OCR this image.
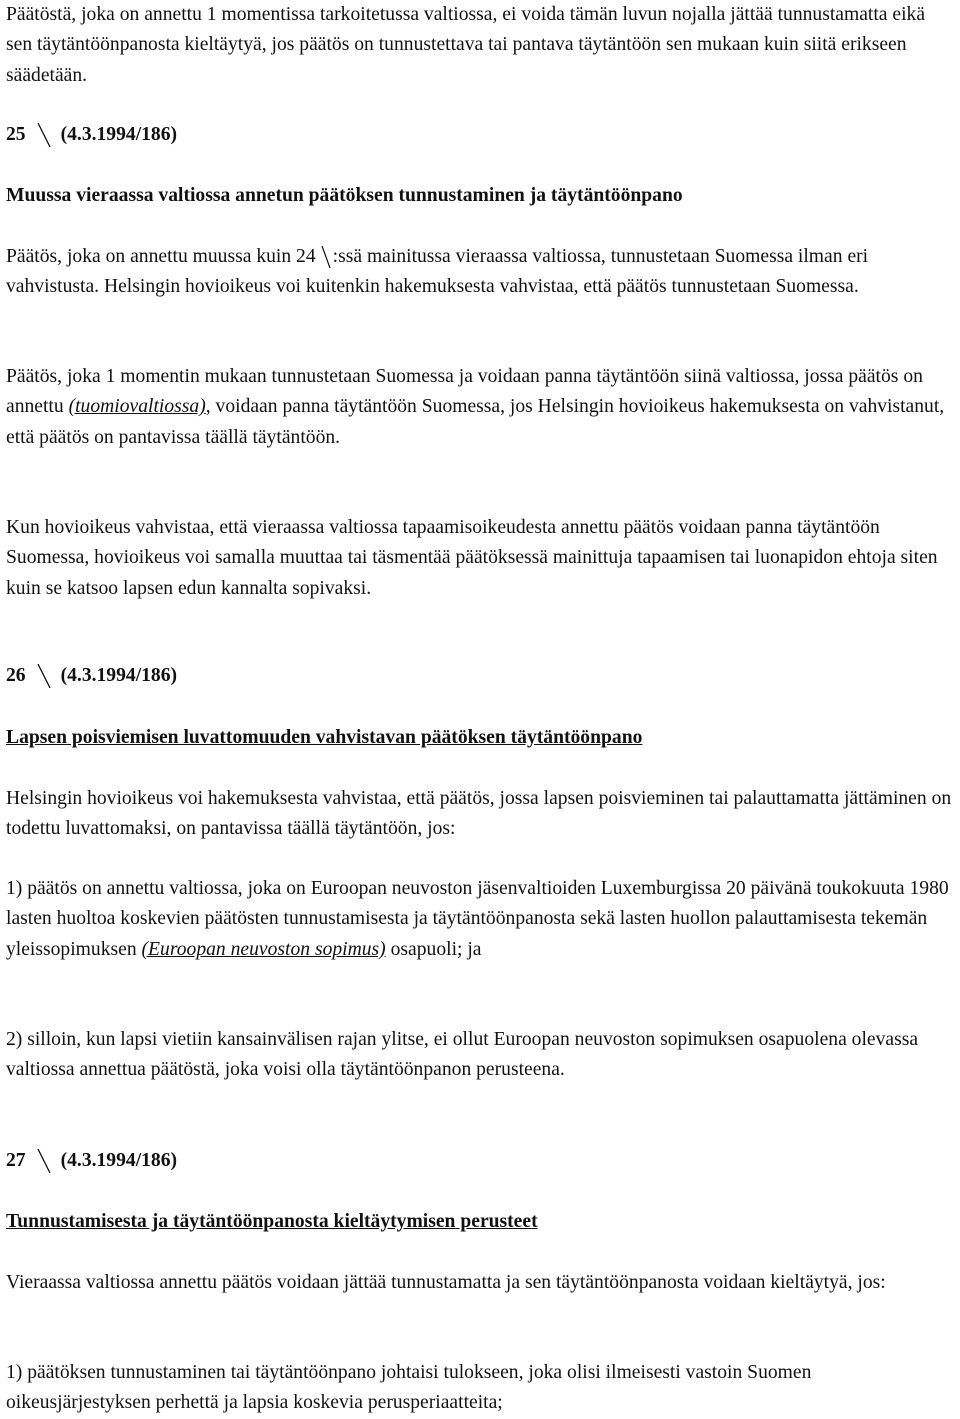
Päätöstä, joka on annettu 1 momentissa tarkoitetussa valtiossa, ei voida tämän luvun nojalla jättää tunnustamatta eikä sen täytäntöönpanosta kieltäytyä, jos päätös on tunnustettava tai pantava täytäntöön sen mukaan kuin siitä erikseen säädetään.

25 (4.3.1994/186)

Muussa vieraassa valtiossa annetun päätöksen tunnustaminen ja täytäntöönpano

Päätös, joka on annettu muussa kuin 24 :ssä mainitussa vieraassa valtiossa, tunnustetaan Suomessa ilman eri vahvistusta. Helsingin hovioikeus voi kuitenkin hakemuksesta vahvistaa, että päätös tunnustetaan Suomessa.

Päätös, joka 1 momentin mukaan tunnustetaan Suomessa ja voidaan panna täytäntöön siinä valtiossa, jossa päätös on annettu (tuomiovaltiossa), voidaan panna täytäntöön Suomessa, jos Helsingin hovioikeus hakemuksesta on vahvistanut, että päätös on pantavissa täällä täytäntöön.

Kun hovioikeus vahvistaa, että vieraassa valtiossa tapaamisoikeudesta annettu päätös voidaan panna täytäntöön Suomessa, hovioikeus voi samalla muuttaa tai täsmentää päätöksessä mainittuja tapaamisen tai luonapidon ehtoja siten kuin se katsoo lapsen edun kannalta sopivaksi.

26 (4.3.1994/186)

Lapsen poisviemisen luvattomuuden vahvistavan päätöksen täytäntöönpano

Helsingin hovioikeus voi hakemuksesta vahvistaa, että päätös, jossa lapsen poisvieminen tai palauttamatta jättäminen on todettu luvattomaksi, on pantavissa täällä täytäntöön, jos:

1) päätös on annettu valtiossa, joka on Euroopan neuvoston jäsenvaltioiden Luxemburgissa 20 päivänä toukokuuta 1980 lasten huoltoa koskevien päätösten tunnustamisesta ja täytäntöönpanosta sekä lasten huollon palauttamisesta tekemän yleissopimuksen (Euroopan neuvoston sopimus) osapuoli; ja

2) silloin, kun lapsi vietiin kansainvälisen rajan ylitse, ei ollut Euroopan neuvoston sopimuksen osapuolena olevassa valtiossa annettua päätöstä, joka voisi olla täytäntöönpanon perusteena.

27 (4.3.1994/186)

Tunnustamisesta ja täytäntöönpanosta kieltäytymisen perusteet

Vieraassa valtiossa annettu päätös voidaan jättää tunnustamatta ja sen täytäntöönpanosta voidaan kieltäytyä, jos:

1) päätöksen tunnustaminen tai täytäntöönpano johtaisi tulokseen, joka olisi ilmeisesti vastoin Suomen oikeusjärjestyksen perhettä ja lapsia koskevia perusperiaatteita;
